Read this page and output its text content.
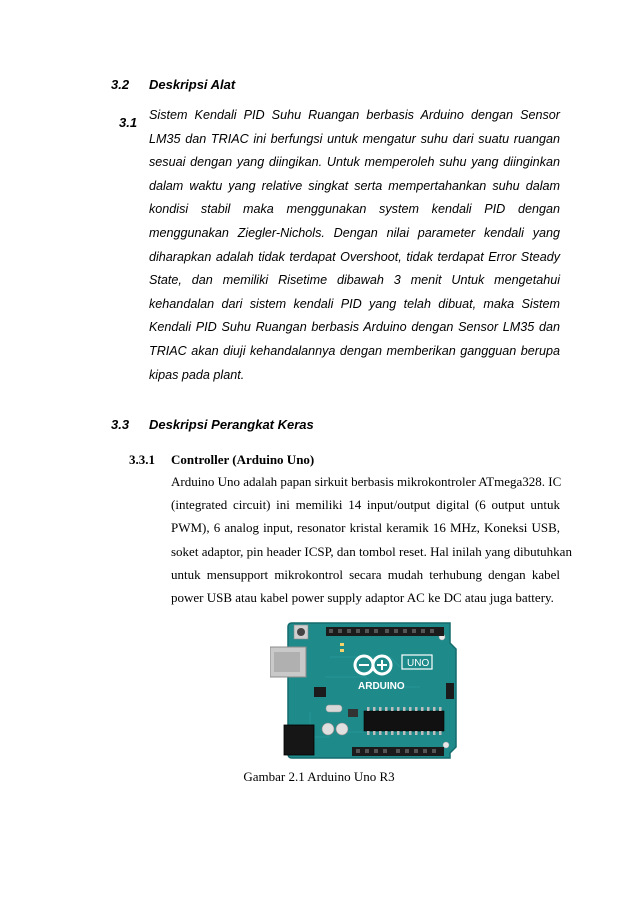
3.2 Deskripsi Alat
3.1 Sistem Kendali PID Suhu Ruangan berbasis Arduino dengan Sensor
LM35 dan TRIAC ini berfungsi untuk mengatur suhu dari suatu ruangan
sesuai dengan yang diingikan. Untuk memperoleh suhu yang diinginkan
dalam waktu yang relative singkat serta mempertahankan suhu dalam
kondisi stabil maka menggunakan system kendali PID dengan
menggunakan Ziegler-Nichols. Dengan nilai parameter kendali yang
diharapkan adalah tidak terdapat Overshoot, tidak terdapat Error Steady
State, dan memiliki Risetime dibawah 3 menit Untuk mengetahui
kehandalan dari sistem kendali PID yang telah dibuat, maka Sistem
Kendali PID Suhu Ruangan berbasis Arduino dengan Sensor LM35 dan
TRIAC akan diuji kehandalannya dengan memberikan gangguan berupa
kipas pada plant.
3.3 Deskripsi Perangkat Keras
3.3.1 Controller (Arduino Uno)
Arduino Uno adalah papan sirkuit berbasis mikrokontroler ATmega328. IC
(integrated circuit) ini memiliki 14 input/output digital (6 output untuk
PWM), 6 analog input, resonator kristal keramik 16 MHz, Koneksi USB,
soket adaptor, pin header ICSP, dan tombol reset. Hal inilah yang dibutuhkan
untuk mensupport mikrokontrol secara mudah terhubung dengan kabel
power USB atau kabel power supply adaptor AC ke DC atau juga battery.
ARDUINO
UNO
Gambar 2.1 Arduino Uno R3
